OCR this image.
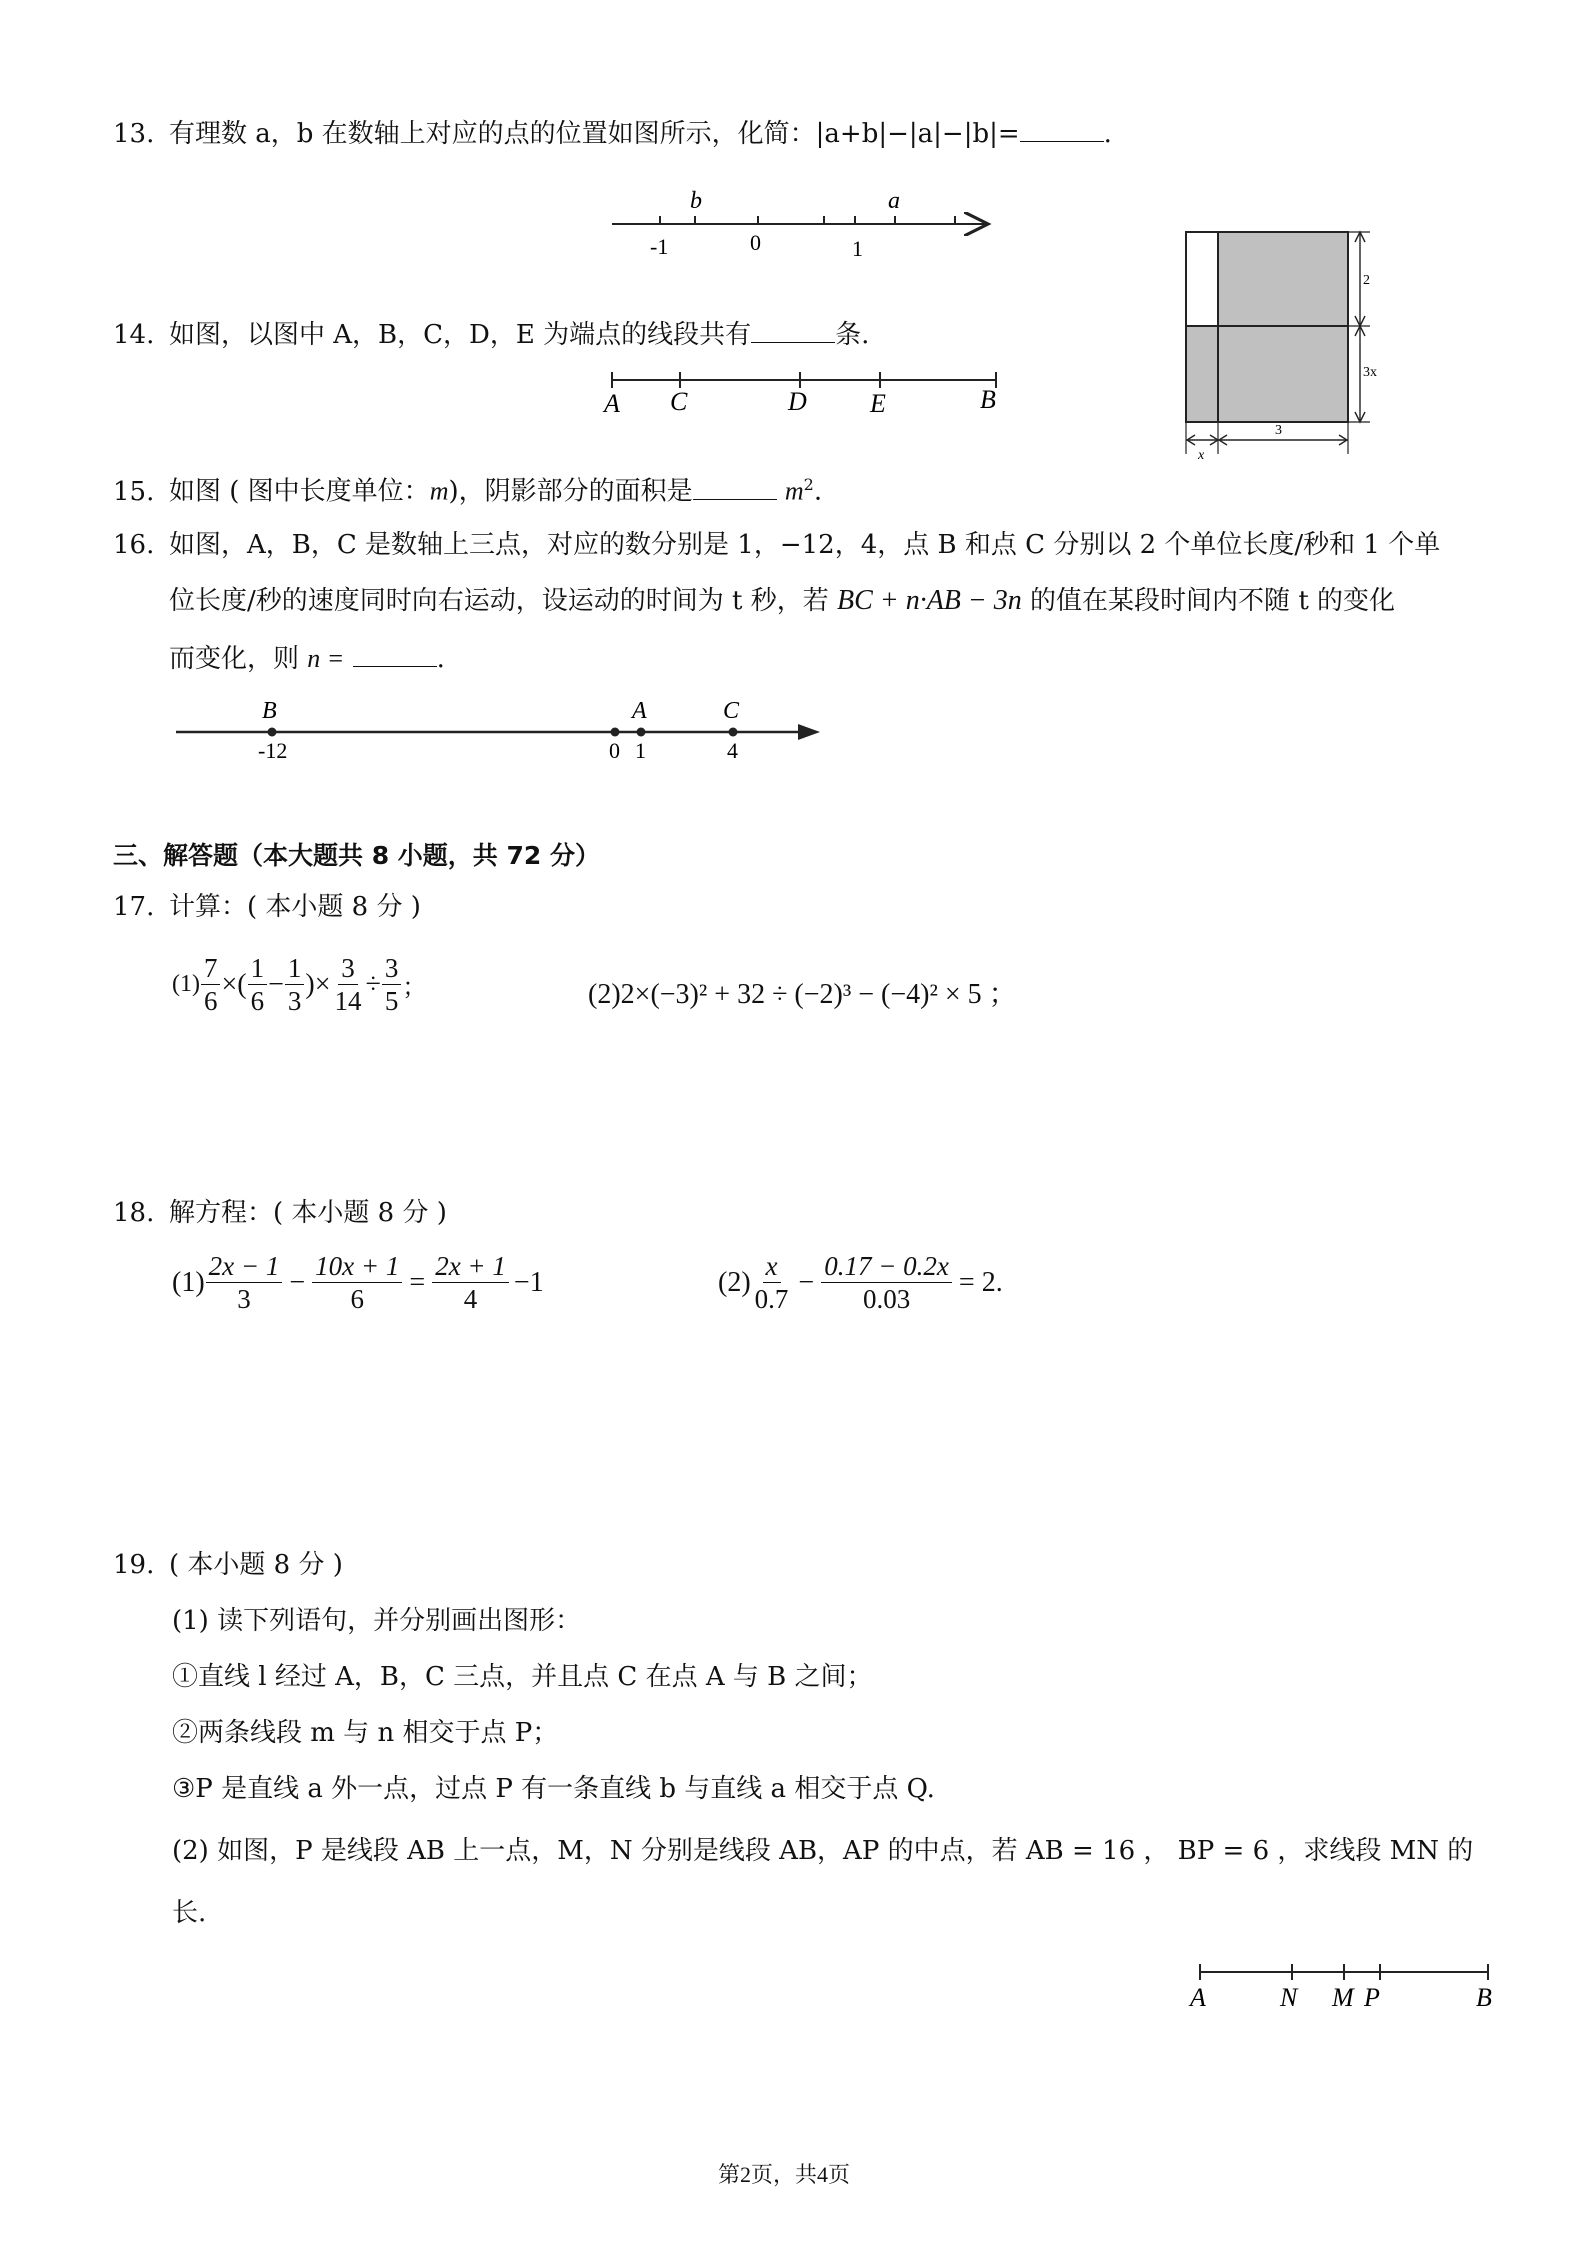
13. 有理数 a，b 在数轴上对应的点的位置如图所示，化简：|a+b|−|a|−|b|=	.
b	a
-1	0	1
2
3x
x
3
14. 如图，以图中 A，B，C，D，E 为端点的线段共有	条.
A C	D E	B
15. 如图 ( 图中长度单位：m)，阴影部分的面积是	$m^2$.
16. 如图，A，B，C 是数轴上三点，对应的数分别是 1，−12，4，点 B 和点 C 分别以 2 个单位长度/秒和 1 个单
位长度/秒的速度同时向右运动，设运动的时间为 t 秒，若 BC + n·AB − 3n 的值在某段时间内不随 t 的变化
而变化，则 n =	.
B	A	C
-12	0 1	4
三、解答题（本大题共 8 小题，共 72 分）
17. 计算：( 本小题 8 分 )
$(1) \frac{7}{6}$ ×( $\frac{1}{6} - \frac{1}{3}$ )× $\frac{3}{14} \div \frac{3}{5}$ ；	(2)2×(−3)² + 32 ÷ (−2)³ − (−4)² × 5 ；
18. 解方程：( 本小题 8 分 )
$(1) \frac{2x - 1}{3} - \frac{10x + 1}{6} = \frac{2x + 1}{4} -1$	$(2) \frac{x}{0.7} - \frac{0.17 - 0.2x}{0.03} = 2$.
19. ( 本小题 8 分 )
(1) 读下列语句，并分别画出图形：
①直线 l 经过 A，B，C 三点，并且点 C 在点 A 与 B 之间；
②两条线段 m 与 n 相交于点 P；
③P 是直线 a 外一点，过点 P 有一条直线 b 与直线 a 相交于点 Q.
(2) 如图，P 是线段 AB 上一点，M，N 分别是线段 AB，AP 的中点，若 AB = 16 ， BP = 6 ，求线段 MN 的
长.
A	N M P	B
第2页，共4页
